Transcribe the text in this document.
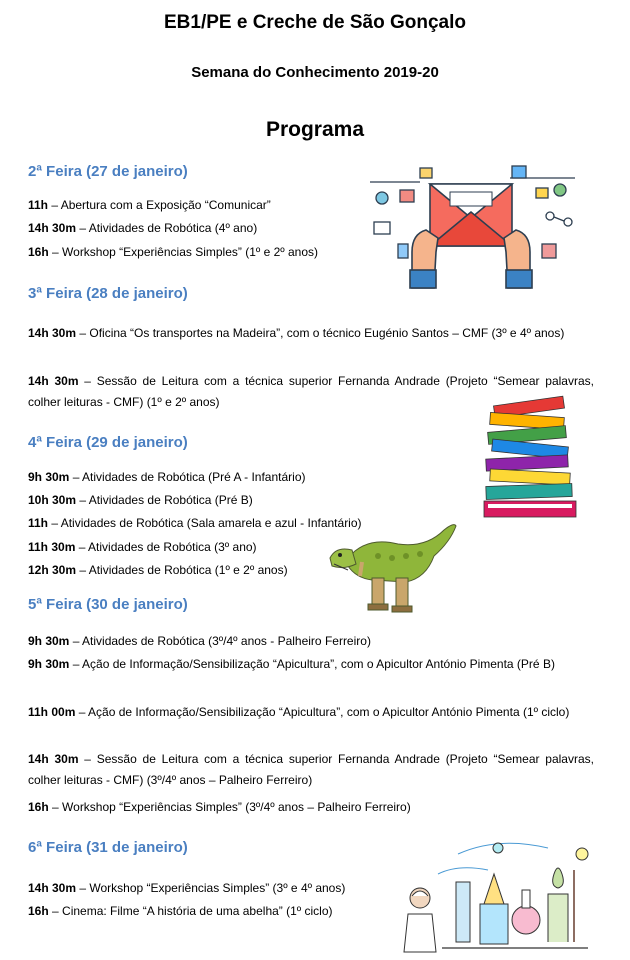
EB1/PE e Creche de São Gonçalo
Semana do Conhecimento 2019-20
Programa
2ª Feira (27 de janeiro)
11h – Abertura com a Exposição “Comunicar”
14h 30m – Atividades de Robótica (4º ano)
16h – Workshop “Experiências Simples” (1º e 2º anos)
3ª Feira (28 de janeiro)
14h 30m – Oficina “Os transportes na Madeira”, com o técnico Eugénio Santos – CMF (3º e 4º anos)
14h 30m – Sessão de Leitura com a técnica superior Fernanda Andrade (Projeto “Semear palavras, colher leituras - CMF) (1º e 2º anos)
4ª Feira (29 de janeiro)
9h 30m – Atividades de Robótica (Pré A - Infantário)
10h 30m – Atividades de Robótica (Pré B)
11h – Atividades de Robótica (Sala amarela e azul - Infantário)
11h 30m – Atividades de Robótica (3º ano)
12h 30m – Atividades de Robótica (1º e 2º anos)
5ª Feira (30 de janeiro)
9h 30m – Atividades de Robótica (3º/4º anos - Palheiro Ferreiro)
9h 30m – Ação de Informação/Sensibilização “Apicultura”, com o Apicultor António Pimenta (Pré B)
11h 00m – Ação de Informação/Sensibilização “Apicultura”, com o Apicultor António Pimenta (1º ciclo)
14h 30m – Sessão de Leitura com a técnica superior Fernanda Andrade (Projeto “Semear palavras, colher leituras - CMF) (3º/4º anos – Palheiro Ferreiro)
16h – Workshop “Experiências Simples” (3º/4º anos – Palheiro Ferreiro)
6ª Feira (31 de janeiro)
14h 30m – Workshop “Experiências Simples” (3º e 4º anos)
16h – Cinema: Filme “A história de uma abelha” (1º ciclo)
